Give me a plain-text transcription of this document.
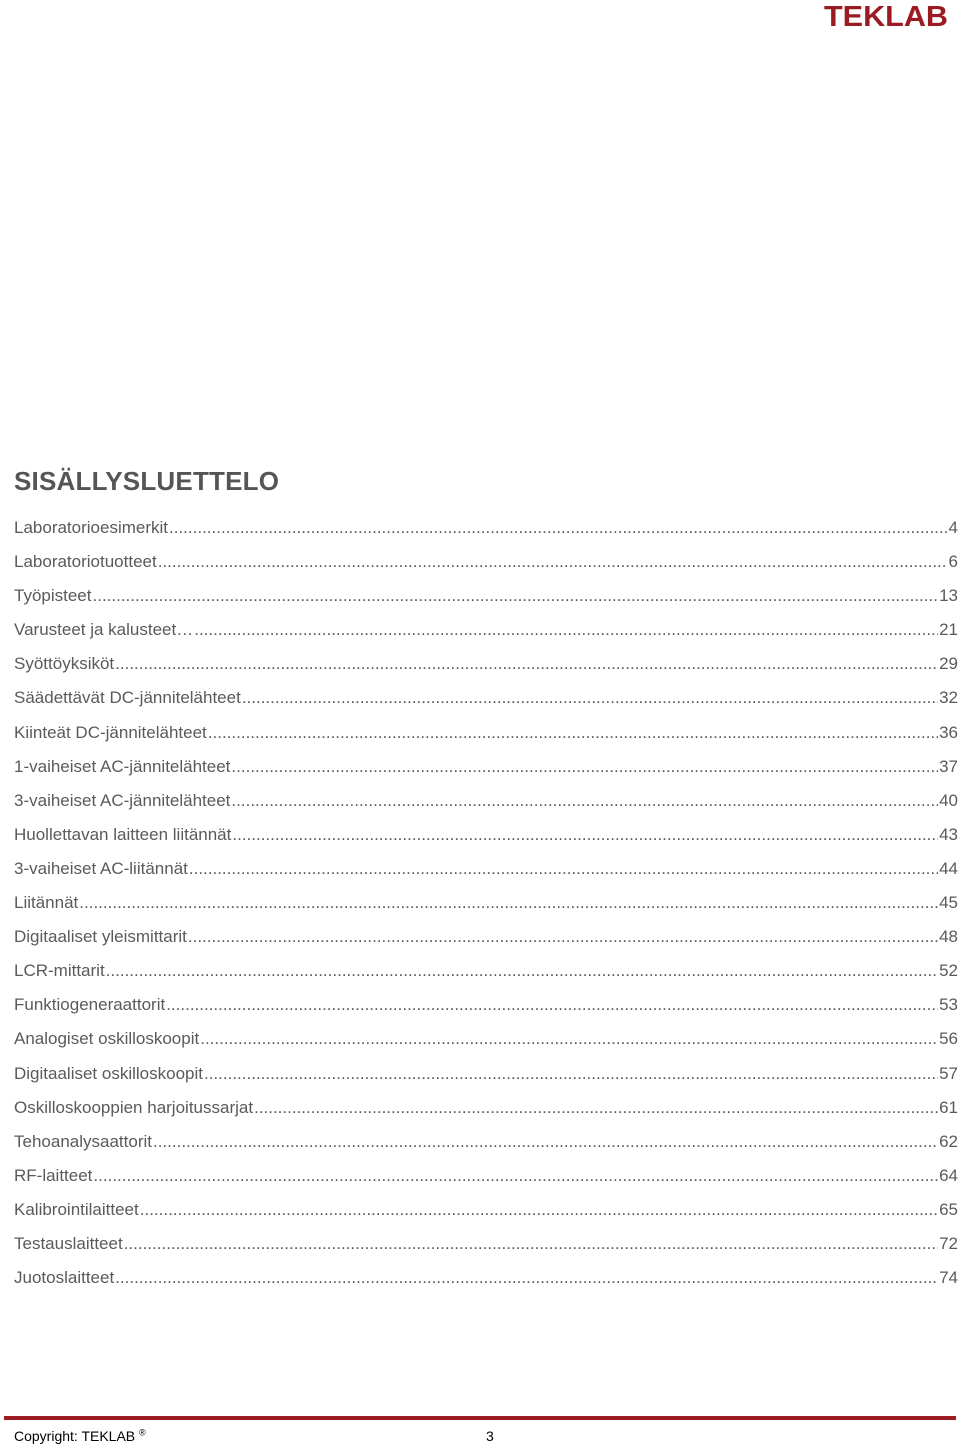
TEKLAB
SISÄLLYSLUETTELO
Laboratorioesimerkit .....	4
Laboratoriotuotteet .....	6
Työpisteet .....	13
Varusteet ja kalusteet… .....	21
Syöttöyksiköt .....	29
Säädettävät DC-jännitelähteet .....	32
Kiinteät DC-jännitelähteet .....	36
1-vaiheiset AC-jännitelähteet .....	37
3-vaiheiset AC-jännitelähteet .....	40
Huollettavan laitteen liitännät .....	43
3-vaiheiset AC-liitännät .....	44
Liitännät .....	45
Digitaaliset yleismittarit .....	48
LCR-mittarit .....	52
Funktiogeneraattorit .....	53
Analogiset oskilloskoopit .....	56
Digitaaliset oskilloskoopit .....	57
Oskilloskooppien harjoitussarjat .....	61
Tehoanalysaattorit .....	62
RF-laitteet .....	64
Kalibrointilaitteet .....	65
Testauslaitteet .....	72
Juotoslaitteet .....	74
Copyright: TEKLAB ®	3
